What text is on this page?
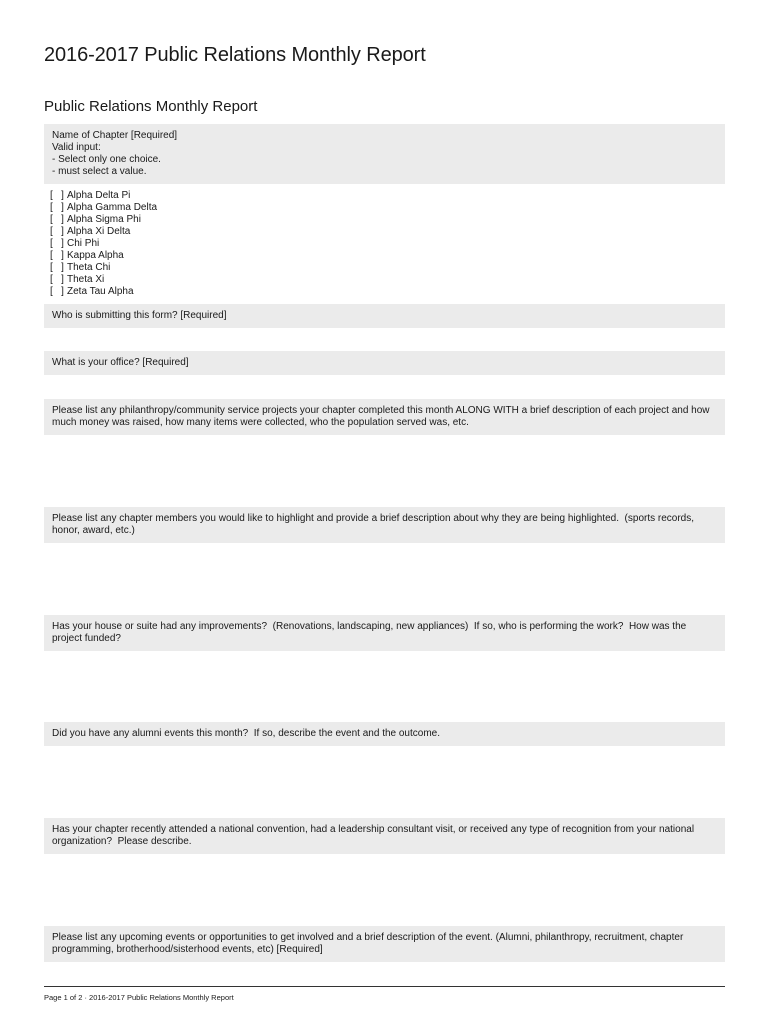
2016-2017 Public Relations Monthly Report
Public Relations Monthly Report
Name of Chapter [Required]
Valid input:
- Select only one choice.
- must select a value.
[   ] Alpha Delta Pi
[   ] Alpha Gamma Delta
[   ] Alpha Sigma Phi
[   ] Alpha Xi Delta
[   ] Chi Phi
[   ] Kappa Alpha
[   ] Theta Chi
[   ] Theta Xi
[   ] Zeta Tau Alpha
Who is submitting this form? [Required]
What is your office? [Required]
Please list any philanthropy/community service projects your chapter completed this month ALONG WITH a brief description of each project and how much money was raised, how many items were collected, who the population served was, etc.
Please list any chapter members you would like to highlight and provide a brief description about why they are being highlighted.  (sports records, honor, award, etc.)
Has your house or suite had any improvements?  (Renovations, landscaping, new appliances)  If so, who is performing the work?  How was the project funded?
Did you have any alumni events this month?  If so, describe the event and the outcome.
Has your chapter recently attended a national convention, had a leadership consultant visit, or received any type of recognition from your national organization?  Please describe.
Please list any upcoming events or opportunities to get involved and a brief description of the event. (Alumni, philanthropy, recruitment, chapter programming, brotherhood/sisterhood events, etc) [Required]
Page 1 of 2 · 2016-2017 Public Relations Monthly Report
